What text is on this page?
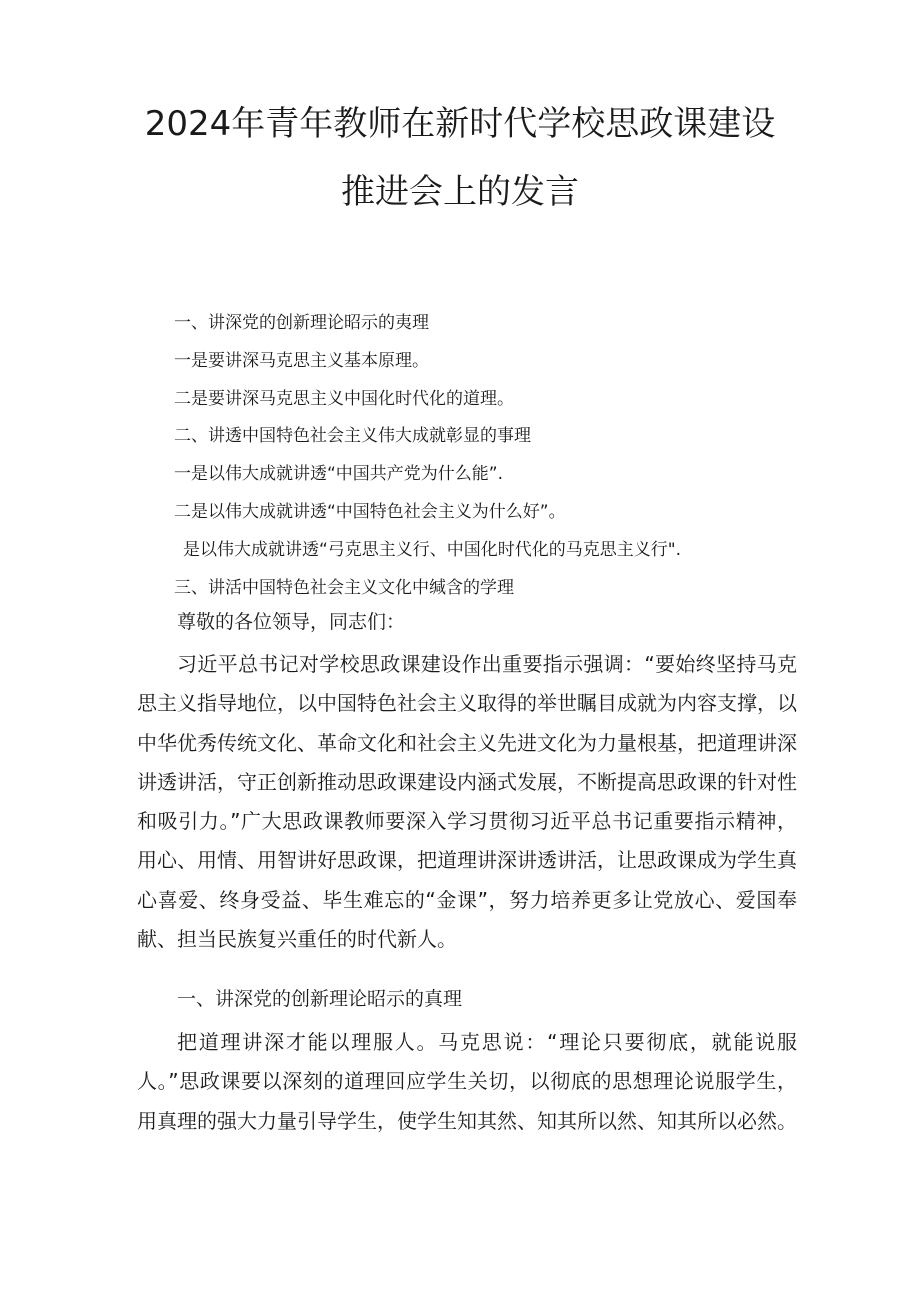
2024年青年教师在新时代学校思政课建设
推进会上的发言
一、讲深党的创新理论昭示的夷理
一是要讲深马克思主义基本原理。
二是要讲深马克思主义中国化时代化的道理。
二、讲透中国特色社会主义伟大成就彰显的事理
一是以伟大成就讲透“中国共产党为什么能”.
二是以伟大成就讲透“中国特色社会主义为什么好”。
是以伟大成就讲透“弓克思主义行、中国化时代化的马克思主义行".
三、讲活中国特色社会主义文化中缄含的学理
尊敬的各位领导，同志们：
习近平总书记对学校思政课建设作出重要指示强调：“要始终坚持马克思主义指导地位，以中国特色社会主义取得的举世瞩目成就为内容支撑，以中华优秀传统文化、革命文化和社会主义先进文化为力量根基，把道理讲深讲透讲活，守正创新推动思政课建设内涵式发展，不断提高思政课的针对性和吸引力。”广大思政课教师要深入学习贯彻习近平总书记重要指示精神，用心、用情、用智讲好思政课，把道理讲深讲透讲活，让思政课成为学生真心喜爱、终身受益、毕生难忘的“金课”，努力培养更多让党放心、爱国奉献、担当民族复兴重任的时代新人。
一、讲深党的创新理论昭示的真理
把道理讲深才能以理服人。马克思说：“理论只要彻底，就能说服人。”思政课要以深刻的道理回应学生关切，以彻底的思想理论说服学生，用真理的强大力量引导学生，使学生知其然、知其所以然、知其所以必然。
